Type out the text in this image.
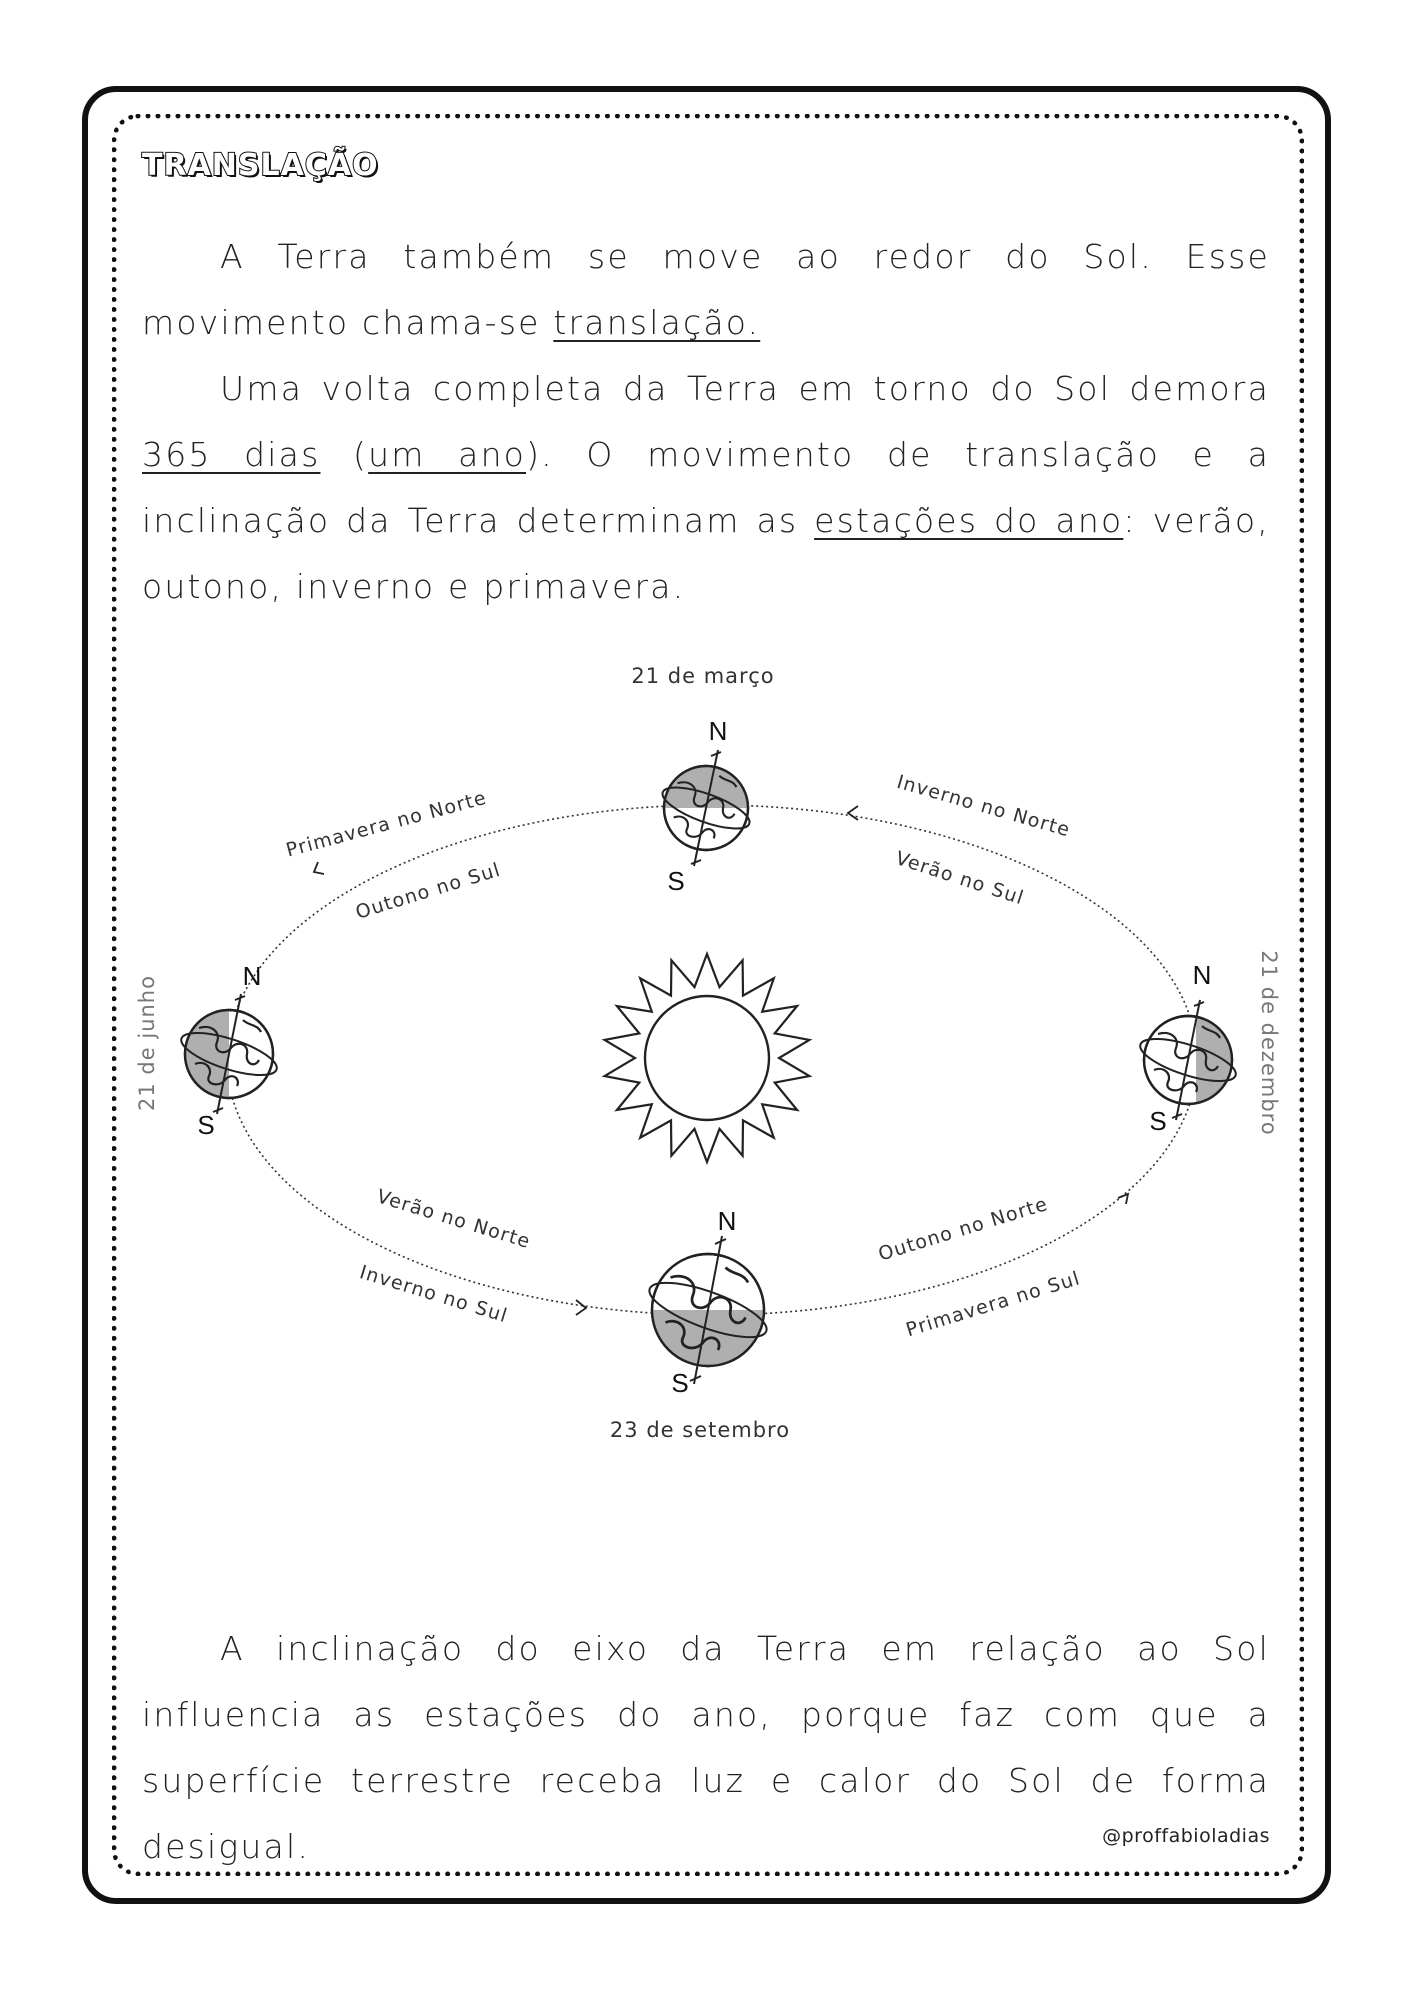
TRANSLAÇÃO

A Terra também se move ao redor do Sol. Esse movimento chama-se translação.

Uma volta completa da Terra em torno do Sol demora 365 dias (um ano). O movimento de translação e a inclinação da Terra determinam as estações do ano: verão, outono, inverno e primavera.

N
S
N
S
N
S
N
S
21 de março
23 de setembro
21 de junho	21 de dezembro
Primavera no Norte
Outono no Sul
Inverno no Norte
Verão no Sul
Verão no Norte
Inverno no Sul
Outono no Norte
Primavera no Sul

A inclinação do eixo da Terra em relação ao Sol influencia as estações do ano, porque faz com que a superfície terrestre receba luz e calor do Sol de forma desigual.	@proffabioladias
